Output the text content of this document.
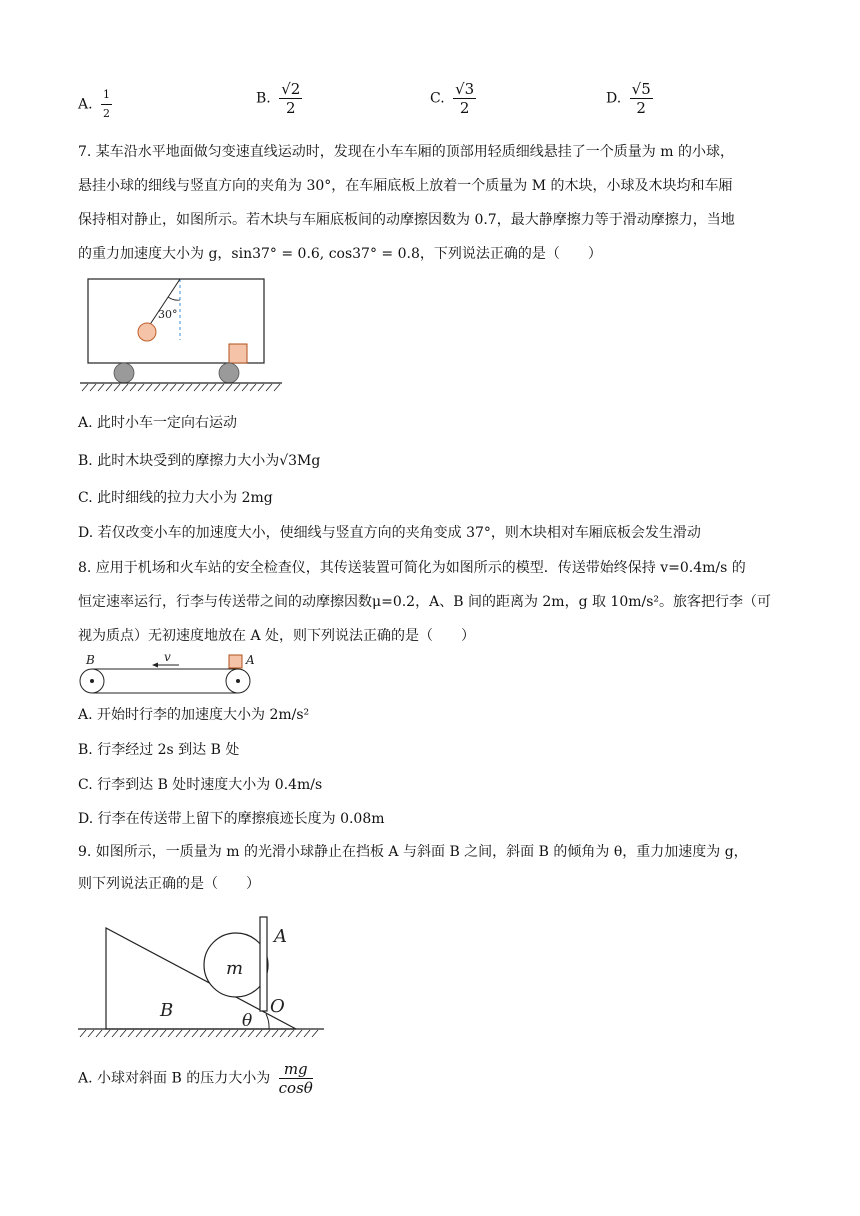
A. $\frac{1}{2}$	B. $\frac{√2}{2}$	C. $\frac{√3}{2}$	D. $\frac{√5}{2}$
7. 某车沿水平地面做匀变速直线运动时，发现在小车车厢的顶部用轻质细线悬挂了一个质量为 m 的小球，
悬挂小球的细线与竖直方向的夹角为 30°，在车厢底板上放着一个质量为 M 的木块，小球及木块均和车厢
保持相对静止，如图所示。若木块与车厢底板间的动摩擦因数为 0.7，最大静摩擦力等于滑动摩擦力，当地
的重力加速度大小为 g，sin37° = 0.6, cos37° = 0.8，下列说法正确的是（　　）
30°
A. 此时小车一定向右运动
B. 此时木块受到的摩擦力大小为√3Mg
C. 此时细线的拉力大小为 2mg
D. 若仅改变小车的加速度大小，使细线与竖直方向的夹角变成 37°，则木块相对车厢底板会发生滑动
8. 应用于机场和火车站的安全检查仪，其传送装置可简化为如图所示的模型．传送带始终保持 v=0.4m/s 的
恒定速率运行，行李与传送带之间的动摩擦因数μ=0.2，A、B 间的距离为 2m，g 取 10m/s²。旅客把行李（可
视为质点）无初速度地放在 A 处，则下列说法正确的是（　　）
B	v	A
A. 开始时行李的加速度大小为 2m/s²
B. 行李经过 2s 到达 B 处
C. 行李到达 B 处时速度大小为 0.4m/s
D. 行李在传送带上留下的摩擦痕迹长度为 0.08m
9. 如图所示，一质量为 m 的光滑小球静止在挡板 A 与斜面 B 之间，斜面 B 的倾角为 θ，重力加速度为 g，
则下列说法正确的是（　　）
A
m
B	O
θ
A. 小球对斜面 B 的压力大小为 $\frac{mg}{\cos\theta}$
